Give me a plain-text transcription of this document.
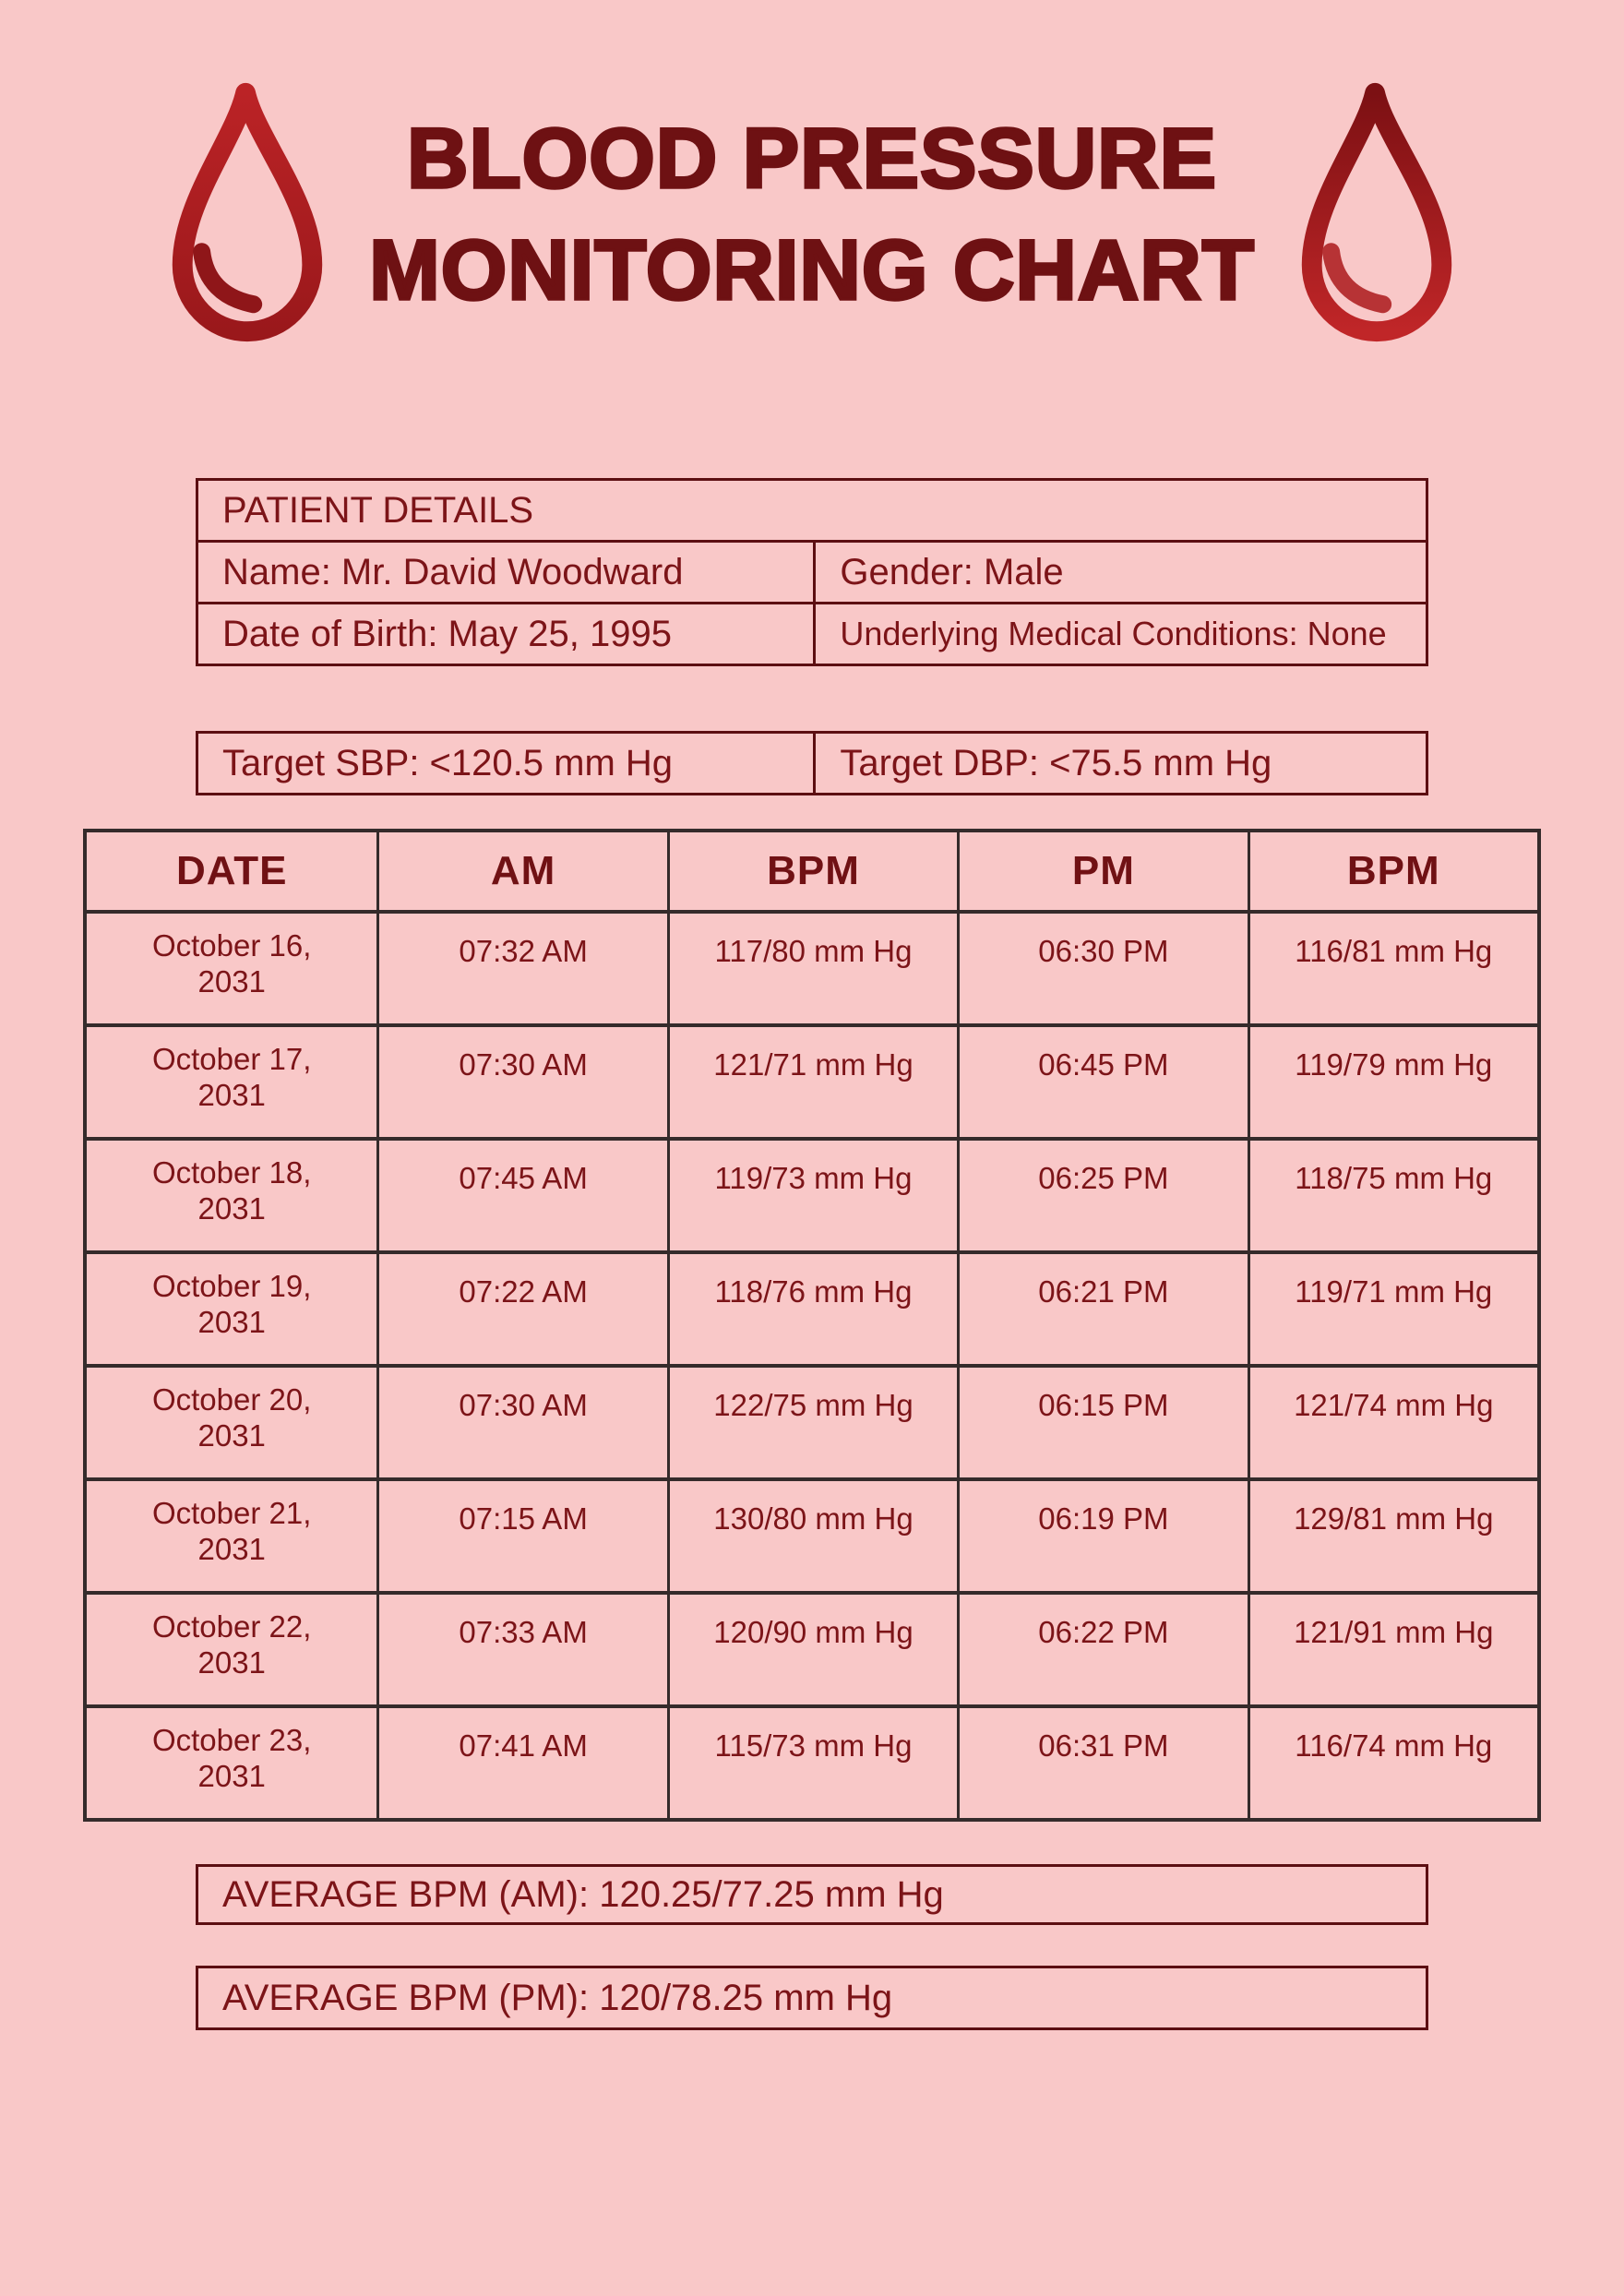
BLOOD PRESSURE
MONITORING CHART
PATIENT DETAILS
Name: Mr. David Woodward	Gender: Male
Date of Birth: May 25, 1995	Underlying Medical Conditions: None
Target SBP: <120.5 mm Hg	Target DBP: <75.5 mm Hg
DATE	AM	BPM	PM	BPM
October 16,
2031
07:32 AM	117/80 mm Hg	06:30 PM	116/81 mm Hg
October 17,
2031
07:30 AM	121/71 mm Hg	06:45 PM	119/79 mm Hg
October 18,
2031
07:45 AM	119/73 mm Hg	06:25 PM	118/75 mm Hg
October 19,
2031
07:22 AM	118/76 mm Hg	06:21 PM	119/71 mm Hg
October 20,
2031
07:30 AM	122/75 mm Hg	06:15 PM	121/74 mm Hg
October 21,
2031
07:15 AM	130/80 mm Hg	06:19 PM	129/81 mm Hg
October 22,
2031
07:33 AM	120/90 mm Hg	06:22 PM	121/91 mm Hg
October 23,
2031
07:41 AM	115/73 mm Hg	06:31 PM	116/74 mm Hg
AVERAGE BPM (AM): 120.25/77.25 mm Hg
AVERAGE BPM (PM): 120/78.25 mm Hg
